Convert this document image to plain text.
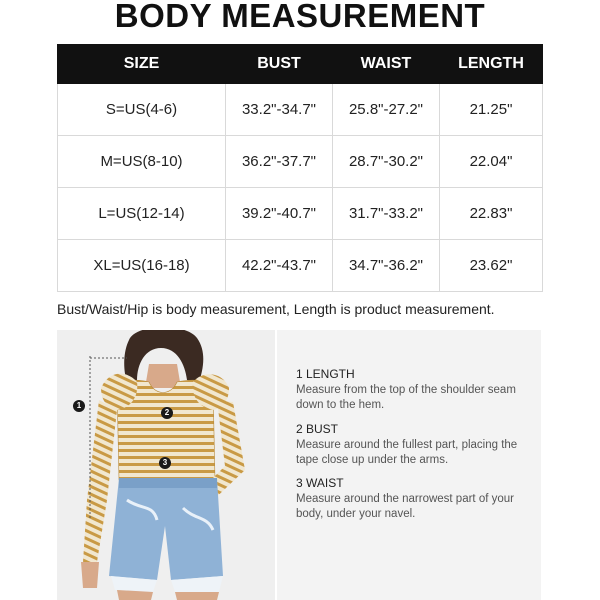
BODY MEASUREMENT
SIZE	BUST	WAIST	LENGTH
S=US(4-6)	33.2"-34.7"	25.8"-27.2"	21.25"
M=US(8-10)	36.2"-37.7"	28.7"-30.2"	22.04"
L=US(12-14)	39.2"-40.7"	31.7"-33.2"	22.83"
XL=US(16-18)	42.2"-43.7"	34.7"-36.2"	23.62"
Bust/Waist/Hip is body measurement, Length is product measurement.
1
2
3
1 LENGTH
Measure from the top of the shoulder seam down to the hem.
2 BUST
Measure around the fullest part, placing the tape close up under the arms.
3 WAIST
Measure around the narrowest part of your body, under your navel.
